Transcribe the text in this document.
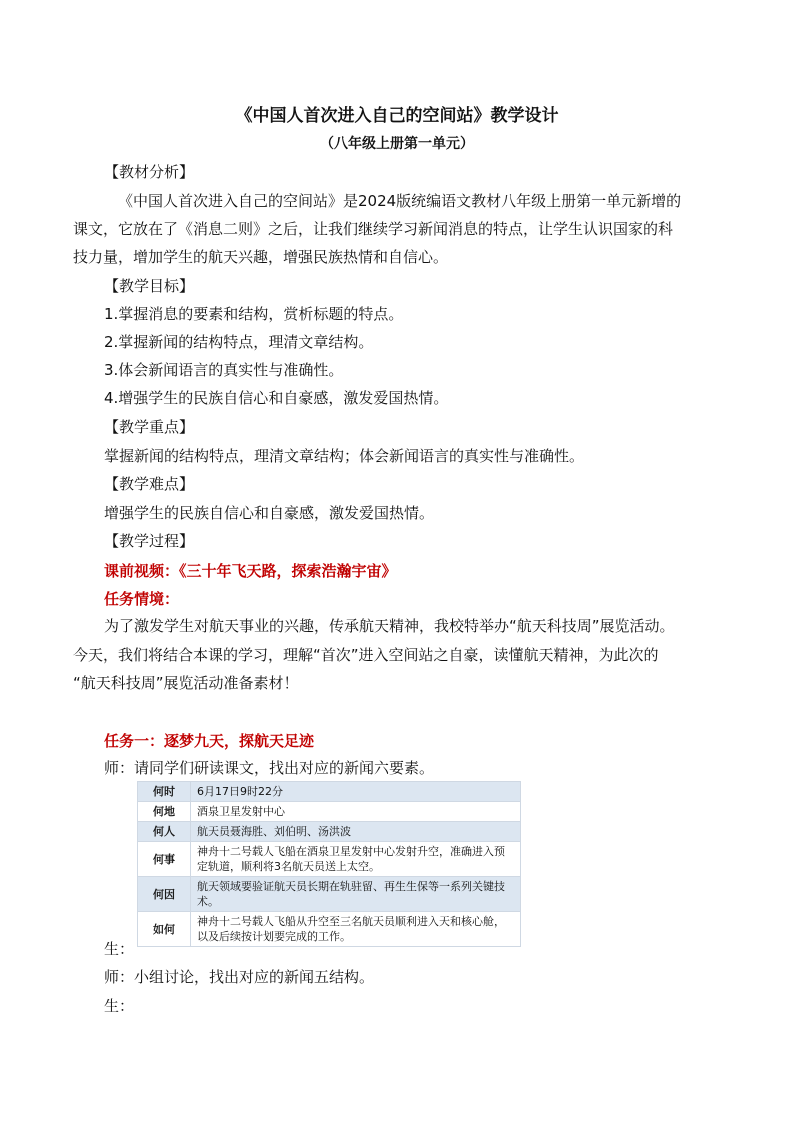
《中国人首次进入自己的空间站》教学设计
（八年级上册第一单元）
【教材分析】
《中国人首次进入自己的空间站》是2024版统编语文教材八年级上册第一单元新增的
课文，它放在了《消息二则》之后，让我们继续学习新闻消息的特点，让学生认识国家的科
技力量，增加学生的航天兴趣，增强民族热情和自信心。
【教学目标】
1.掌握消息的要素和结构，赏析标题的特点。
2.掌握新闻的结构特点，理清文章结构。
3.体会新闻语言的真实性与准确性。
4.增强学生的民族自信心和自豪感，激发爱国热情。
【教学重点】
掌握新闻的结构特点，理清文章结构；体会新闻语言的真实性与准确性。
【教学难点】
增强学生的民族自信心和自豪感，激发爱国热情。
【教学过程】
课前视频：《三十年飞天路，探索浩瀚宇宙》
任务情境：
为了激发学生对航天事业的兴趣，传承航天精神，我校特举办“航天科技周”展览活动。
今天，我们将结合本课的学习，理解“首次”进入空间站之自豪，读懂航天精神，为此次的
“航天科技周”展览活动准备素材！
任务一：逐梦九天，探航天足迹
师：请同学们研读课文，找出对应的新闻六要素。
何时	6月17日9时22分
何地	酒泉卫星发射中心
何人	航天员聂海胜、刘伯明、汤洪波
何事	神舟十二号载人飞船在酒泉卫星发射中心发射升空，准确进入预定轨道，顺利将3名航天员送上太空。
何因	航天领域要验证航天员长期在轨驻留、再生生保等一系列关键技术。
如何	神舟十二号载人飞船从升空至三名航天员顺利进入天和核心舱，以及后续按计划要完成的工作。
生：
师：小组讨论，找出对应的新闻五结构。
生：
